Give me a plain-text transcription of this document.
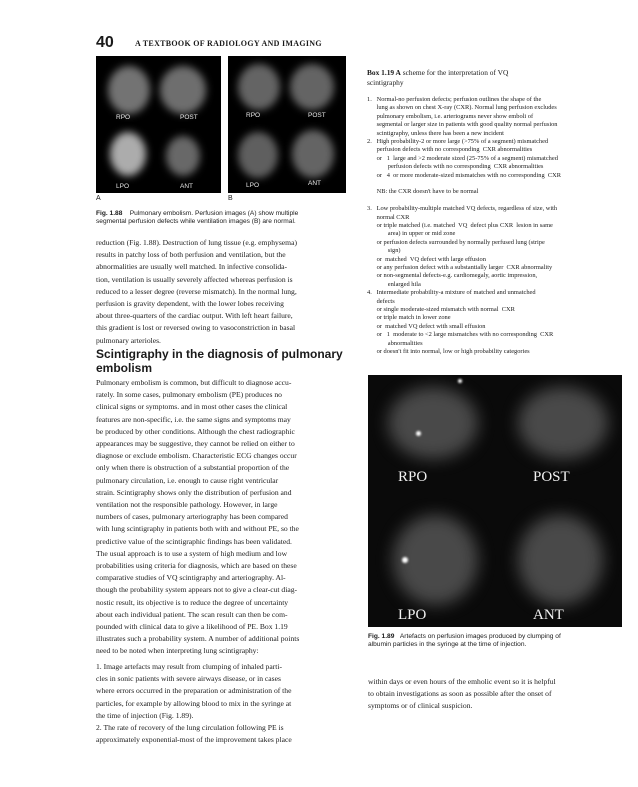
40	A TEXTBOOK OF RADIOLOGY AND IMAGING
RPO	POST
LPO	ANT
RPO	POST
LPO	ANT
A	B
Fig. 1.88 Pulmonary embolism. Perfusion images (A) show multiple
segmental perfusion defects while ventilation images (B) are normal.
reduction (Fig. 1.88). Destruction of lung tissue (e.g. emphysema)
results in patchy loss of both perfusion and ventilation, but the
abnormalities are usually well matched. In infective consolida-
tion, ventilation is usually severely affected whereas perfusion is
reduced to a lesser degree (reverse mismatch). In the normal lung,
perfusion is gravity dependent, with the lower lobes receiving
about three-quarters of the cardiac output. With left heart failure,
this gradient is lost or reversed owing to vasoconstriction in basal
pulmonary arterioles.
Scintigraphy in the diagnosis of pulmonary
embolism
Pulmonary embolism is common, but difficult to diagnose accu-
rately. In some cases, pulmonary embolism (PE) produces no
clinical signs or symptoms. and in most other cases the clinical
features are non-specific, i.e. the same signs and symptoms may
be produced by other conditions. Although the chest radiographic
appearances may be suggestive, they cannot be relied on either to
diagnose or exclude embolism. Characteristic ECG changes occur
only when there is obstruction of a substantial proportion of the
pulmonary circulation, i.e. enough to cause right ventricular
strain. Scintigraphy shows only the distribution of perfusion and
ventilation not the responsible pathology. However, in large
numbers of cases, pulmonary arteriography has been compared
with lung scintigraphy in patients both with and without PE, so the
predictive value of the scintigraphic findings has been validated.
The usual approach is to use a system of high medium and low
probabilities using criteria for diagnosis, which are based on these
comparative studies of VQ scintigraphy and arteriography. Al-
though the probability system appears not to give a clear-cut diag-
nostic result, its objective is to reduce the degree of uncertainty
about each individual patient. The scan result can then be com-
pounded with clinical data to give a likelihood of PE. Box 1.19
illustrates such a probability system. A number of additional points
need to be noted when interpreting lung scintigraphy:
1. Image artefacts may result from clumping of inhaled parti-
cles in sonic patients with severe airways disease, or in cases
where errors occurred in the preparation or administration of the
particles, for example by allowing blood to mix in the syringe at
the time of injection (Fig. 1.89).
2. The rate of recovery of the lung circulation following PE is
approximately exponential-most of the improvement takes place
Box 1.19 A scheme for the interpretation of VQ
scintigraphy
1.   Normal-no perfusion defects; perfusion outlines the shape of the
lung as shown on chest X-ray (CXR). Normal lung perfusion excludes
pulmonary embolism, i.e. arteriograms never show emboli of
segmental or larger size in patients with good quality normal perfusion
scintigraphy, unless there has been a new incident
2.   High probability-2 or more large (>75% of a segment) mismatched
perfusion defects with no corresponding  CXR abnormalities
or   1  large and >2 moderate sized (25-75% of a segment) mismatched
perfusion defects with no corresponding  CXR abnormalities
or   4  or more moderate-sized mismatches with no corresponding  CXR
NB: the CXR doesn't have to be normal
3.   Low probability-multiple matched VQ defects, regardless of size, with
normal CXR
or triple matched (i.e. matched  VQ  defect plus CXR  lesion in same
area) in upper or mid zone
or perfusion defects surrounded by normally perfused lung (stripe
sign)
or  matched  VQ defect with large effusion
or any perfusion defect with a substantially larger  CXR abnormality
or non-segmental defects-e.g. cardiomegaly, aortic impression,
enlarged hila
4.   Intermediate probability-a mixture of matched and unmatched
defects
or single moderate-sized mismatch with normal  CXR
or triple match in lower zone
or  matched VQ defect with small effusion
or   1  moderate to <2 large mismatches with no corresponding  CXR
abnormalities
or doesn't fit into normal, low or high probability categories
RPO	POST
LPO	ANT
Fig. 1.89 Artefacts on perfusion images produced by clumping of
albumin particles in the syringe at the time of injection.
within days or even hours of the emholic event so it is helpful
to obtain investigations as soon as possible after the onset of
symptoms or of clinical suspicion.
